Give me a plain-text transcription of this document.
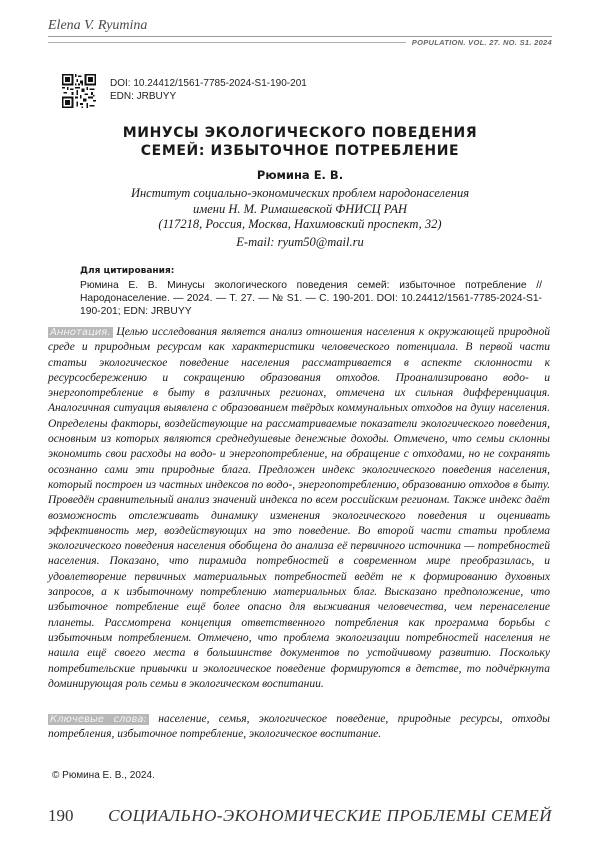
Elena V. Ryumina
POPULATION. VOL. 27. NO. S1. 2024
DOI: 10.24412/1561-7785-2024-S1-190-201
EDN: JRBUYY
МИНУСЫ ЭКОЛОГИЧЕСКОГО ПОВЕДЕНИЯ
СЕМЕЙ: ИЗБЫТОЧНОЕ ПОТРЕБЛЕНИЕ
Рюмина Е. В.
Институт социально-экономических проблем народонаселения
имени Н. М. Римашевской ФНИСЦ РАН
(117218, Россия, Москва, Нахимовский проспект, 32)
E-mail: ryum50@mail.ru
Для цитирования:
Рюмина Е. В. Минусы экологического поведения семей: избыточное потребление // Народонаселение. — 2024. — Т. 27. — № S1. — С. 190-201. DOI: 10.24412/1561-7785-2024-S1-190-201; EDN: JRBUYY
Аннотация. Целью исследования является анализ отношения населения к окружающей природной среде и природным ресурсам как характеристики человеческого потенциала. В первой части статьи экологическое поведение населения рассматривается в аспекте склонности к ресурсосбережению и сокращению образования отходов. Проанализировано водо- и энергопотребление в быту в различных регионах, отмечена их сильная дифференциация. Аналогичная ситуация выявлена с образованием твёрдых коммунальных отходов на душу населения. Определены факторы, воздействующие на рассматриваемые показатели экологического поведения, основным из которых являются среднедушевые денежные доходы. Отмечено, что семьи склонны экономить свои расходы на водо- и энергопотребление, на обращение с отходами, но не сохранять осознанно сами эти природные блага. Предложен индекс экологического поведения населения, который построен из частных индексов по водо-, энергопотреблению, образованию отходов в быту. Проведён сравнительный анализ значений индекса по всем российским регионам. Также индекс даёт возможность отслеживать динамику изменения экологического поведения и оценивать эффективность мер, воздействующих на это поведение. Во второй части статьи проблема экологического поведения населения обобщена до анализа её первичного источника — потребностей населения. Показано, что пирамида потребностей в современном мире преобразилась, и удовлетворение первичных материальных потребностей ведёт не к формированию духовных запросов, а к избыточному потреблению материальных благ. Высказано предположение, что избыточное потребление ещё более опасно для выживания человечества, чем перенаселение планеты. Рассмотрена концепция ответственного потребления как программа борьбы с избыточным потреблением. Отмечено, что проблема экологизации потребностей населения не нашла ещё своего места в большинстве документов по устойчивому развитию. Поскольку потребительские привычки и экологическое поведение формируются в детстве, то подчёркнута доминирующая роль семьи в экологическом воспитании.
Ключевые слова: население, семья, экологическое поведение, природные ресурсы, отходы потребления, избыточное потребление, экологическое воспитание.
© Рюмина Е. В., 2024.
190 СОЦИАЛЬНО-ЭКОНОМИЧЕСКИЕ ПРОБЛЕМЫ СЕМЕЙ
